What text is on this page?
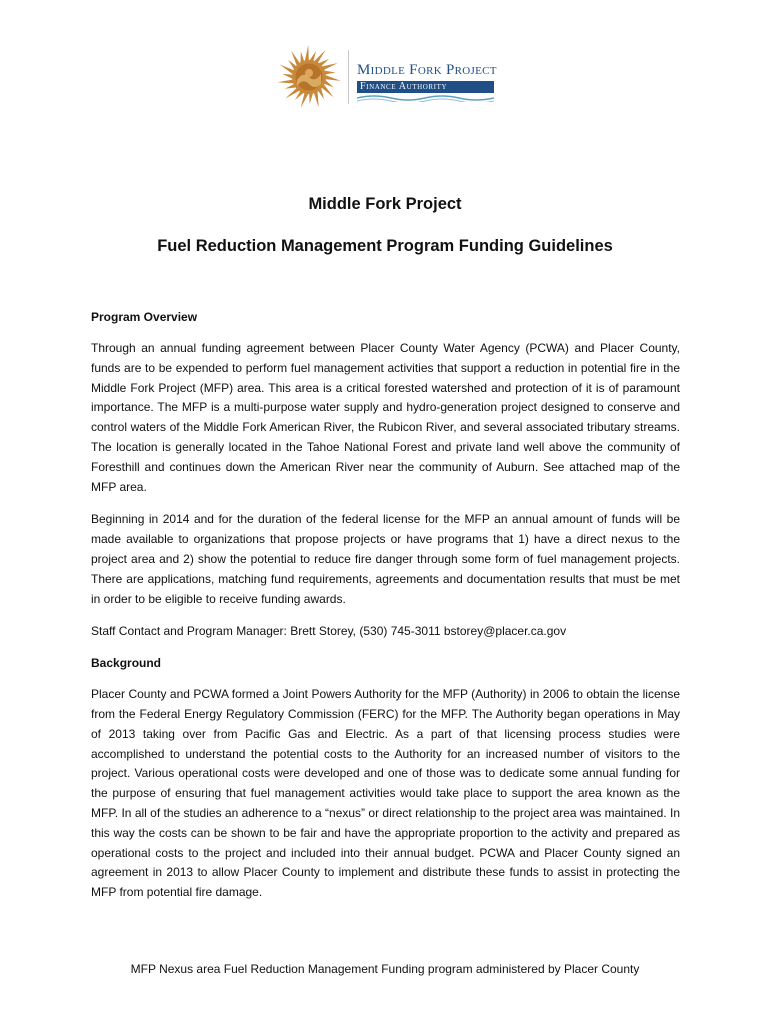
Middle Fork Project
Finance Authority
Middle Fork Project
Fuel Reduction Management Program Funding Guidelines
Program Overview

Through an annual funding agreement between Placer County Water Agency (PCWA) and Placer County, funds are to be expended to perform fuel management activities that support a reduction in potential fire in the Middle Fork Project (MFP) area. This area is a critical forested watershed and protection of it is of paramount importance. The MFP is a multi-purpose water supply and hydro-generation project designed to conserve and control waters of the Middle Fork American River, the Rubicon River, and several associated tributary streams. The location is generally located in the Tahoe National Forest and private land well above the community of Foresthill and continues down the American River near the community of Auburn. See attached map of the MFP area.

Beginning in 2014 and for the duration of the federal license for the MFP an annual amount of funds will be made available to organizations that propose projects or have programs that 1) have a direct nexus to the project area and 2) show the potential to reduce fire danger through some form of fuel management projects. There are applications, matching fund requirements, agreements and documentation results that must be met in order to be eligible to receive funding awards.

Staff Contact and Program Manager: Brett Storey, (530) 745-3011 bstorey@placer.ca.gov

Background

Placer County and PCWA formed a Joint Powers Authority for the MFP (Authority) in 2006 to obtain the license from the Federal Energy Regulatory Commission (FERC) for the MFP. The Authority began operations in May of 2013 taking over from Pacific Gas and Electric. As a part of that licensing process studies were accomplished to understand the potential costs to the Authority for an increased number of visitors to the project. Various operational costs were developed and one of those was to dedicate some annual funding for the purpose of ensuring that fuel management activities would take place to support the area known as the MFP. In all of the studies an adherence to a “nexus” or direct relationship to the project area was maintained. In this way the costs can be shown to be fair and have the appropriate proportion to the activity and prepared as operational costs to the project and included into their annual budget. PCWA and Placer County signed an agreement in 2013 to allow Placer County to implement and distribute these funds to assist in protecting the MFP from potential fire damage.

MFP Nexus area Fuel Reduction Management Funding program administered by Placer County
